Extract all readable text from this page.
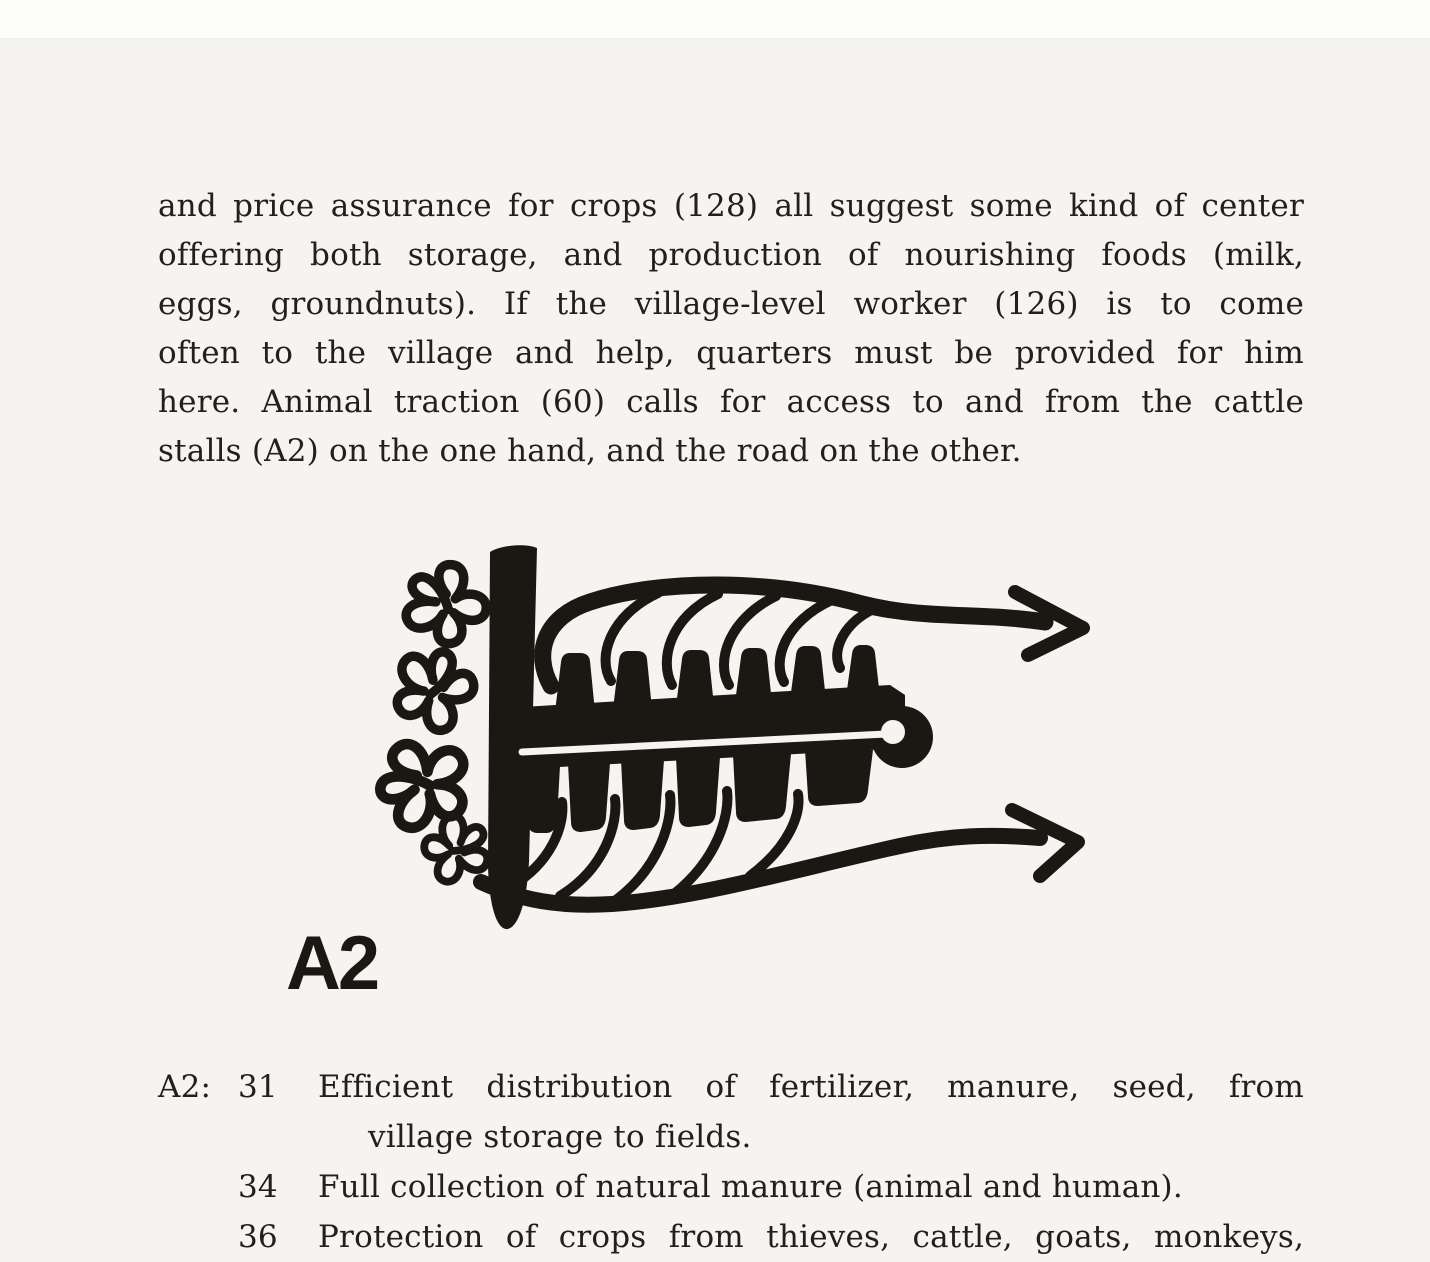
and price assurance for crops (128) all suggest some kind of center

offering both storage, and production of nourishing foods (milk,

eggs, groundnuts). If the village-level worker (126) is to come

often to the village and help, quarters must be provided for him

here. Animal traction (60) calls for access to and from the cattle

stalls (A2) on the one hand, and the road on the other.

A2
A2: 31 Efficient distribution of fertilizer, manure, seed, from
village storage to fields.
34 Full collection of natural manure (animal and human).
36 Protection of crops from thieves, cattle, goats, monkeys,
